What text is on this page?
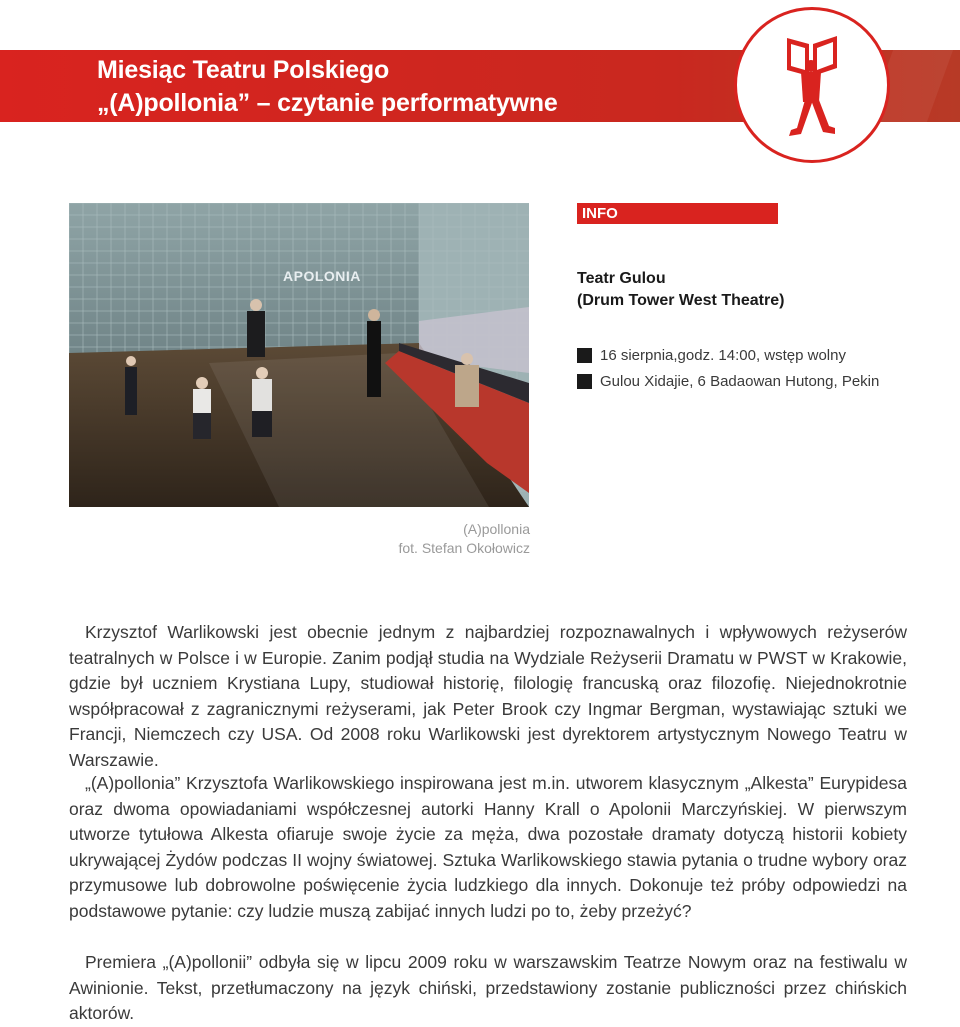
Miesiąc Teatru Polskiego
„(A)pollonia” – czytanie performatywne
APOLONIA
(A)pollonia
fot. Stefan Okołowicz
INFO
Teatr Gulou
(Drum Tower West Theatre)
16 sierpnia,godz. 14:00, wstęp wolny
Gulou Xidajie, 6 Badaowan Hutong, Pekin

Krzysztof Warlikowski jest obecnie jednym z najbardziej rozpoznawalnych i wpływowych reżyserów teatralnych w Polsce i w Europie. Zanim podjął studia na Wydziale Reżyserii Dramatu w PWST w Krakowie, gdzie był uczniem Krystiana Lupy, studiował historię, filologię francuską oraz filozofię. Niejednokrotnie współpracował z zagranicznymi reżyserami, jak Peter Brook czy Ingmar Bergman, wystawiając sztuki we Francji, Niemczech czy USA. Od 2008 roku Warlikowski jest dyrektorem artystycznym Nowego Teatru w Warszawie.

„(A)pollonia” Krzysztofa Warlikowskiego inspirowana jest m.in. utworem klasycznym „Alkesta” Eurypidesa oraz dwoma opowiadaniami współczesnej autorki Hanny Krall o Apolonii Marczyńskiej. W pierwszym utworze tytułowa Alkesta ofiaruje swoje życie za męża, dwa pozostałe dramaty dotyczą historii kobiety ukrywającej Żydów podczas II wojny światowej. Sztuka Warlikowskiego stawia pytania o trudne wybory oraz przymusowe lub dobrowolne poświęcenie życia ludzkiego dla innych. Dokonuje też próby odpowiedzi na podstawowe pytanie: czy ludzie muszą zabijać innych ludzi po to, żeby przeżyć?

Premiera „(A)pollonii” odbyła się w lipcu 2009 roku w warszawskim Teatrze Nowym oraz na festiwalu w Awinionie. Tekst, przetłumaczony na język chiński, przedstawiony zostanie publiczności przez chińskich aktorów.
